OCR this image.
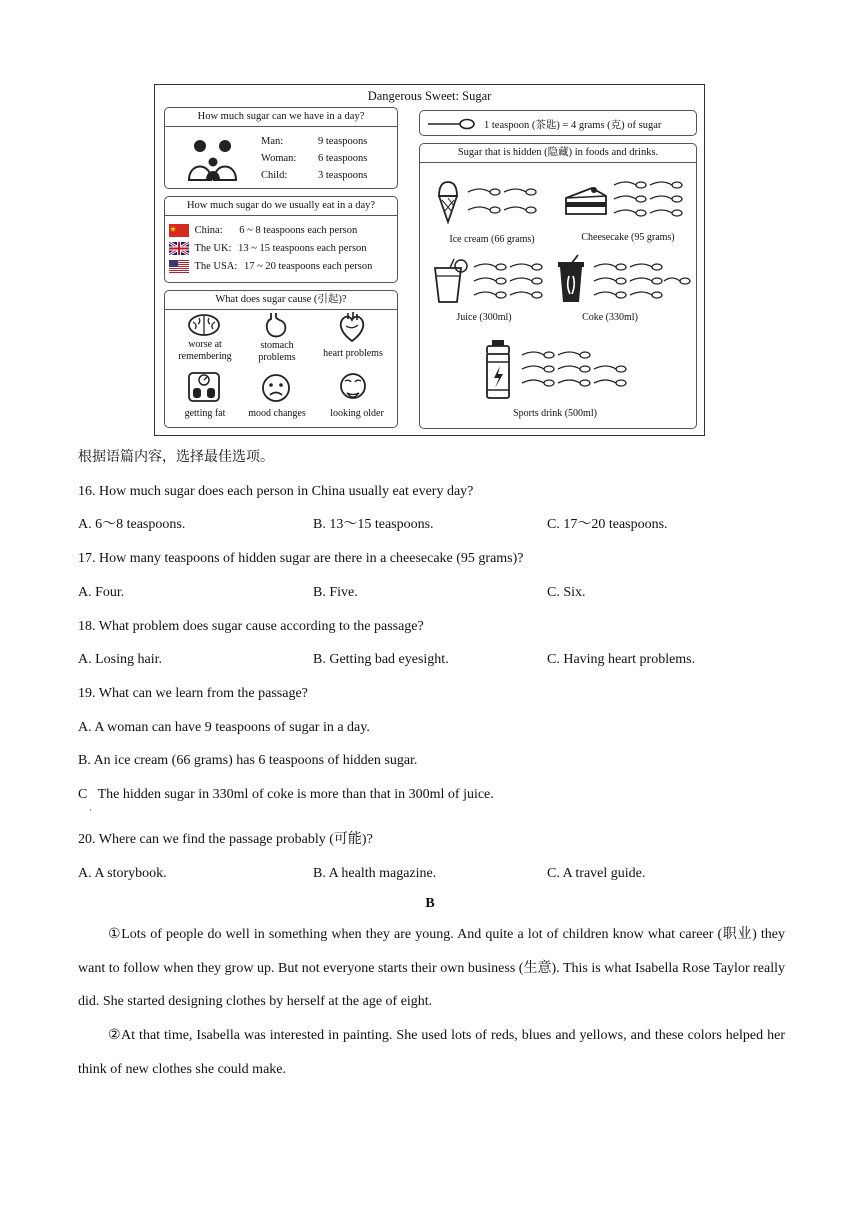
Dangerous Sweet: Sugar
How much sugar can we have in a day?
Man:	9 teaspoons
Woman: 6 teaspoons
Child:	3 teaspoons
How much sugar do we usually eat in a day?
China: 6 ~ 8 teaspoons each person
The UK: 13 ~ 15 teaspoons each person
The USA: 17 ~ 20 teaspoons each person
What does sugar cause (引起)?
worse at remembering
stomach problems	heart problems
getting fat	mood changes	looking older
1 teaspoon (茶匙) = 4 grams (克) of sugar
Sugar that is hidden (隐藏) in foods and drinks.
Ice cream (66 grams)	Cheesecake (95 grams)
Juice (300ml)	Coke (330ml)
Sports drink (500ml)
根据语篇内容，选择最佳选项。
16. How much sugar does each person in China usually eat every day?
A. 6～8 teaspoons.	B. 13～15 teaspoons.	C. 17～20 teaspoons.
17. How many teaspoons of hidden sugar are there in a cheesecake (95 grams)?
A. Four.	B. Five.	C. Six.
18. What problem does sugar cause according to the passage?
A. Losing hair.	B. Getting bad eyesight.	C. Having heart problems.
19. What can we learn from the passage?
A. A woman can have 9 teaspoons of sugar in a day.
B. An ice cream (66 grams) has 6 teaspoons of hidden sugar.
C   The hidden sugar in 330ml of coke is more than that in 300ml of juice.
·
20. Where can we find the passage probably (可能)?
A. A storybook.	B. A health magazine.	C. A travel guide.
B
①Lots of people do well in something when they are young. And quite a lot of children know what career (职业) they want to follow when they grow up. But not everyone starts their own business (生意). This is what Isabella Rose Taylor really did. She started designing clothes by herself at the age of eight.
②At that time, Isabella was interested in painting. She used lots of reds, blues and yellows, and these colors helped her think of new clothes she could make.
